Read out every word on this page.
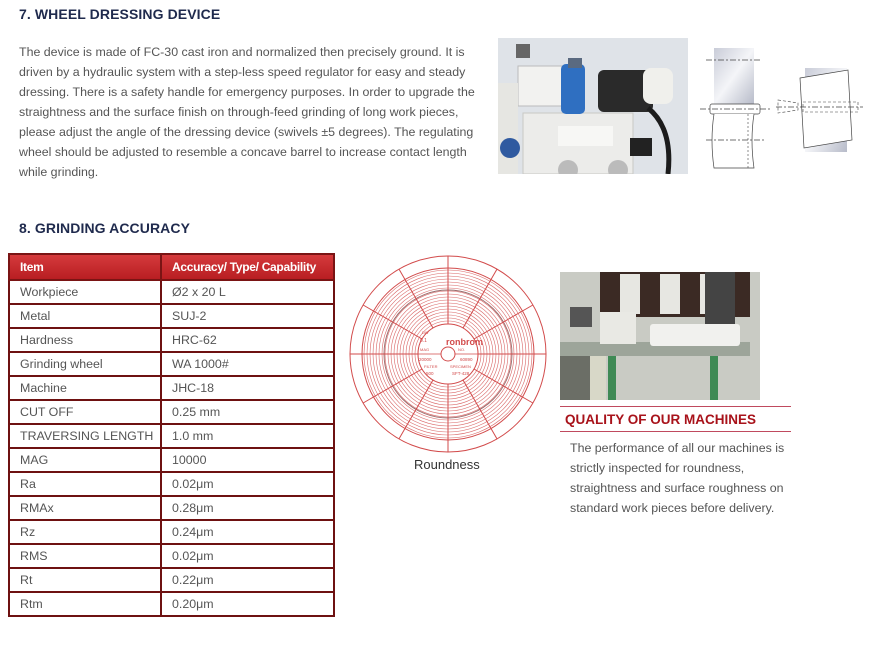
7. WHEEL DRESSING DEVICE
The device is made of FC-30 cast iron and normalized then precisely ground. It is driven by a hydraulic system with a step-less speed regulator for easy and steady dressing. There is a safety handle for emergency purposes. In order to upgrade the straightness and the surface finish on through-feed grinding of long work pieces, please adjust the angle of the dressing device (swivels ±5 degrees). The regulating wheel should be adjusted to resemble a concave barrel to increase contact length while grinding.
8. GRINDING ACCURACY
Item	Accuracy/ Type/ Capability
Workpiece	Ø2 x 20 L
Metal	SUJ-2
Hardness	HRC-62
Grinding wheel	WA 1000#
Machine	JHC-18
CUT OFF	0.25 mm
TRAVERSING LENGTH	1.0 mm
MAG	10000
Ra	0.02μm
RMAx	0.28μm
Rz	0.24μm
RMS	0.02μm
Rt	0.22μm
Rtm	0.20μm
ronbrom
DIV
0.1
MAG
20000
NO.
60890
FILTER
500
SPECIMEN
SFT-428
Roundness
QUALITY OF OUR MACHINES
The performance of all our machines is strictly inspected for roundness, straightness and surface roughness on standard work pieces before delivery.
